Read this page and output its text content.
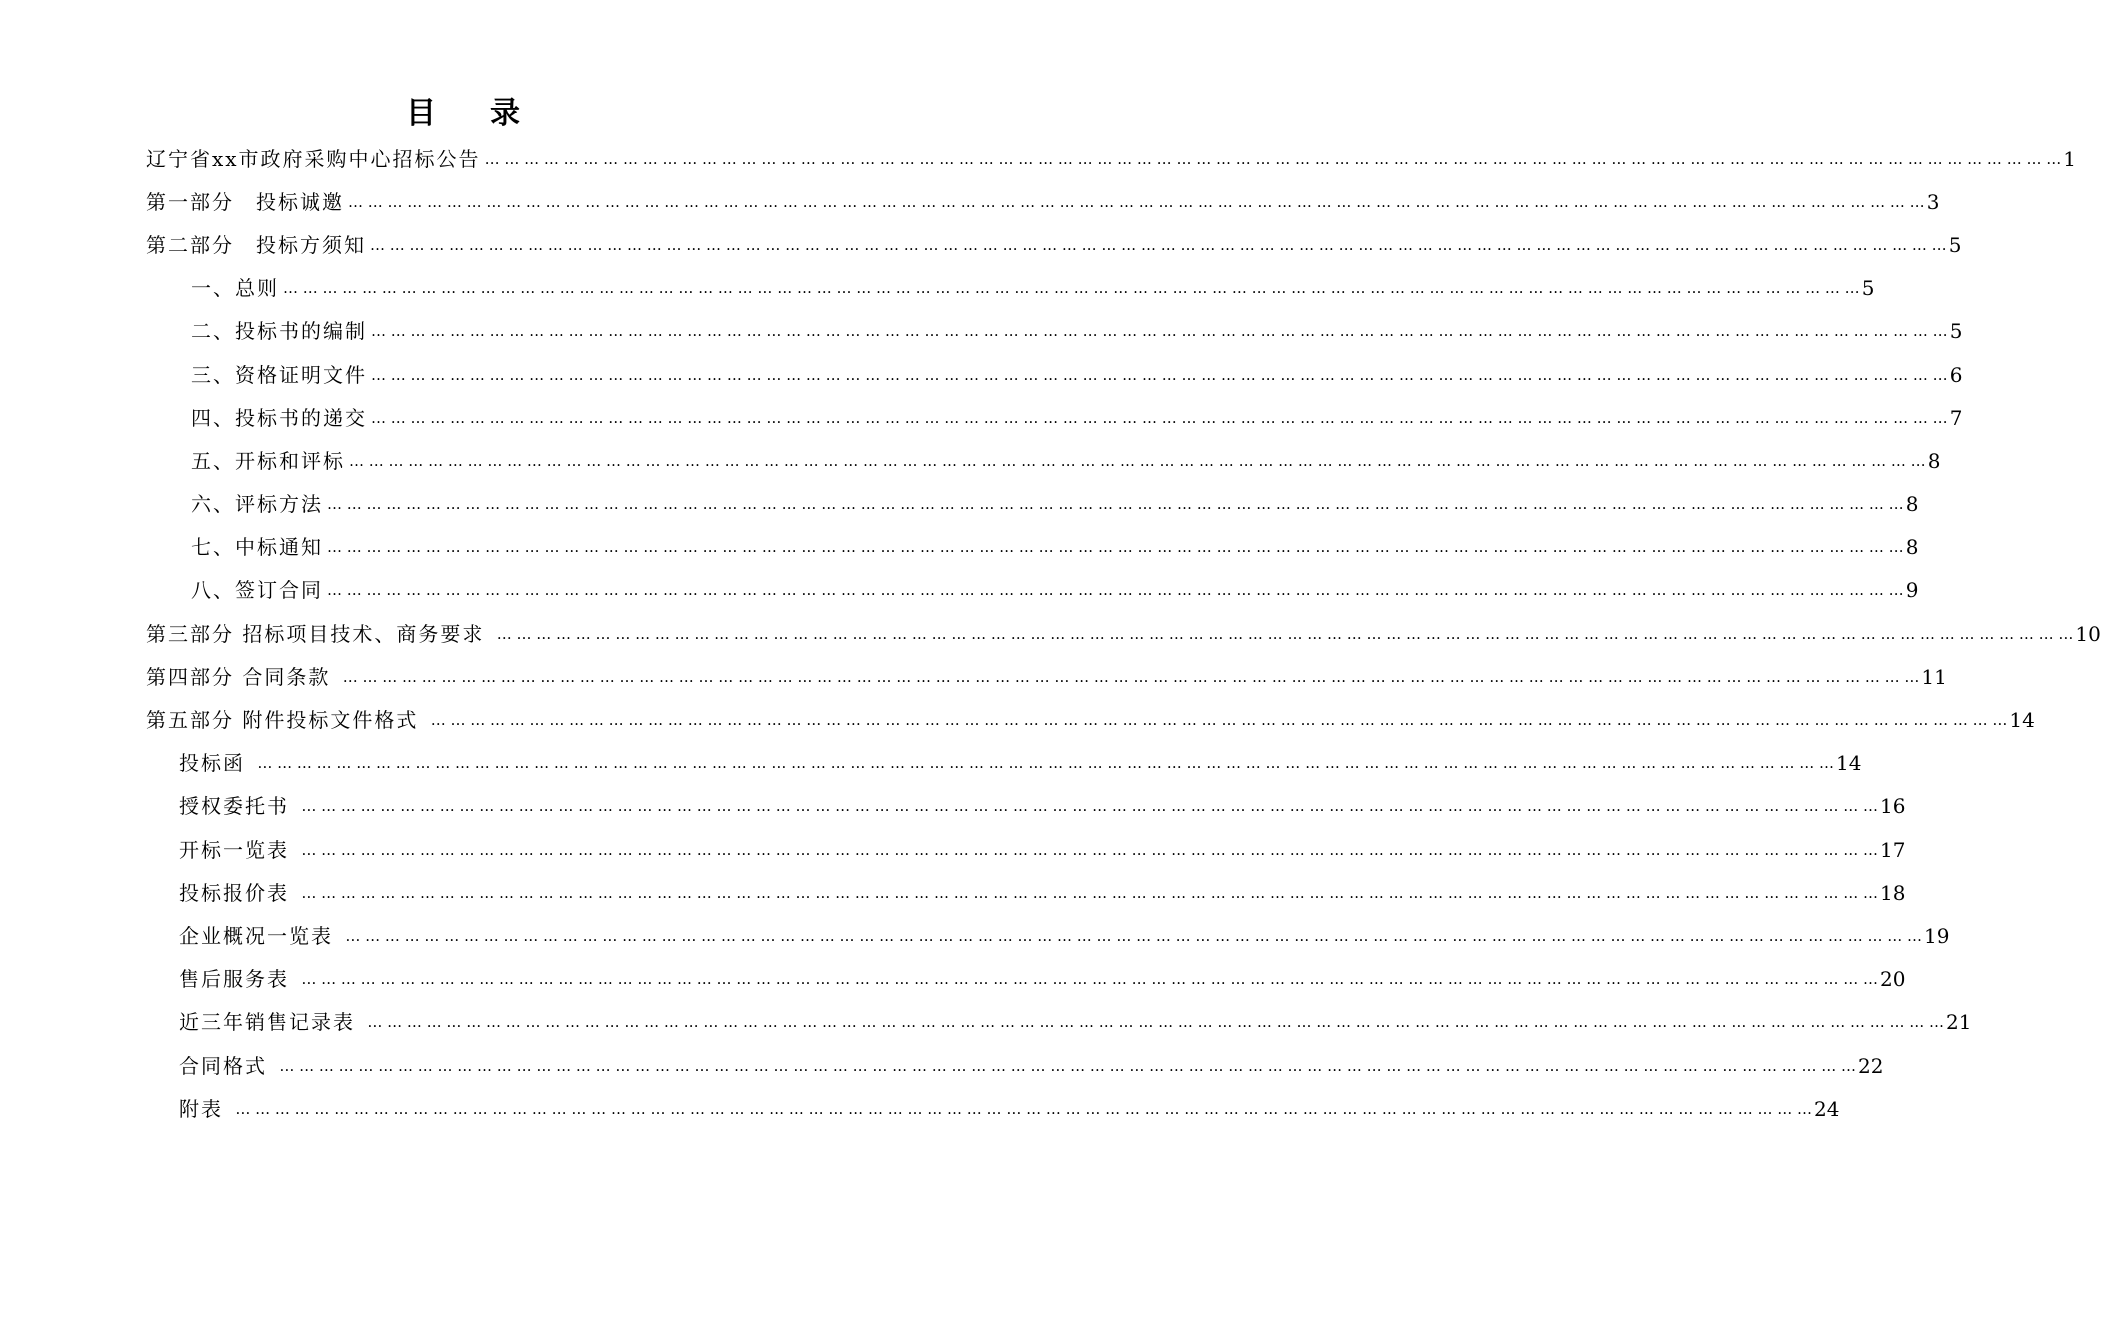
目录
辽宁省xx市政府采购中心招标公告 … … … … … … … … … … … … … … … … … … … … … … … … … … … … … … … … … … … … … … … … … … … … … … … … … … … … … … … … … … … … … … … … … … … … … … … … … … … … … … … … 1
第一部分　投标诚邀 … … … … … … … … … … … … … … … … … … … … … … … … … … … … … … … … … … … … … … … … … … … … … … … … … … … … … … … … … … … … … … … … … … … … … … … … … … … … … … … … 3
第二部分　投标方须知 … … … … … … … … … … … … … … … … … … … … … … … … … … … … … … … … … … … … … … … … … … … … … … … … … … … … … … … … … … … … … … … … … … … … … … … … … … … … … … … … 5
一、总则 … … … … … … … … … … … … … … … … … … … … … … … … … … … … … … … … … … … … … … … … … … … … … … … … … … … … … … … … … … … … … … … … … … … … … … … … … … … … … … … … 5
二、投标书的编制 … … … … … … … … … … … … … … … … … … … … … … … … … … … … … … … … … … … … … … … … … … … … … … … … … … … … … … … … … … … … … … … … … … … … … … … … … … … … … … … … 5
三、资格证明文件 … … … … … … … … … … … … … … … … … … … … … … … … … … … … … … … … … … … … … … … … … … … … … … … … … … … … … … … … … … … … … … … … … … … … … … … … … … … … … … … … 6
四、投标书的递交 … … … … … … … … … … … … … … … … … … … … … … … … … … … … … … … … … … … … … … … … … … … … … … … … … … … … … … … … … … … … … … … … … … … … … … … … … … … … … … … … 7
五、开标和评标 … … … … … … … … … … … … … … … … … … … … … … … … … … … … … … … … … … … … … … … … … … … … … … … … … … … … … … … … … … … … … … … … … … … … … … … … … … … … … … … … 8
六、评标方法 … … … … … … … … … … … … … … … … … … … … … … … … … … … … … … … … … … … … … … … … … … … … … … … … … … … … … … … … … … … … … … … … … … … … … … … … … … … … … … … … 8
七、中标通知 … … … … … … … … … … … … … … … … … … … … … … … … … … … … … … … … … … … … … … … … … … … … … … … … … … … … … … … … … … … … … … … … … … … … … … … … … … … … … … … … 8
八、签订合同 … … … … … … … … … … … … … … … … … … … … … … … … … … … … … … … … … … … … … … … … … … … … … … … … … … … … … … … … … … … … … … … … … … … … … … … … … … … … … … … … 9
第三部分 招标项目技术、商务要求 … … … … … … … … … … … … … … … … … … … … … … … … … … … … … … … … … … … … … … … … … … … … … … … … … … … … … … … … … … … … … … … … … … … … … … … … … … … … … … … … 10
第四部分 合同条款 … … … … … … … … … … … … … … … … … … … … … … … … … … … … … … … … … … … … … … … … … … … … … … … … … … … … … … … … … … … … … … … … … … … … … … … … … … … … … … … … 11
第五部分 附件投标文件格式 … … … … … … … … … … … … … … … … … … … … … … … … … … … … … … … … … … … … … … … … … … … … … … … … … … … … … … … … … … … … … … … … … … … … … … … … … … … … … … … … 14
投标函 … … … … … … … … … … … … … … … … … … … … … … … … … … … … … … … … … … … … … … … … … … … … … … … … … … … … … … … … … … … … … … … … … … … … … … … … … … … … … … … … 14
授权委托书 … … … … … … … … … … … … … … … … … … … … … … … … … … … … … … … … … … … … … … … … … … … … … … … … … … … … … … … … … … … … … … … … … … … … … … … … … … … … … … … … 16
开标一览表 … … … … … … … … … … … … … … … … … … … … … … … … … … … … … … … … … … … … … … … … … … … … … … … … … … … … … … … … … … … … … … … … … … … … … … … … … … … … … … … … 17
投标报价表 … … … … … … … … … … … … … … … … … … … … … … … … … … … … … … … … … … … … … … … … … … … … … … … … … … … … … … … … … … … … … … … … … … … … … … … … … … … … … … … … 18
企业概况一览表 … … … … … … … … … … … … … … … … … … … … … … … … … … … … … … … … … … … … … … … … … … … … … … … … … … … … … … … … … … … … … … … … … … … … … … … … … … … … … … … … 19
售后服务表 … … … … … … … … … … … … … … … … … … … … … … … … … … … … … … … … … … … … … … … … … … … … … … … … … … … … … … … … … … … … … … … … … … … … … … … … … … … … … … … … 20
近三年销售记录表 … … … … … … … … … … … … … … … … … … … … … … … … … … … … … … … … … … … … … … … … … … … … … … … … … … … … … … … … … … … … … … … … … … … … … … … … … … … … … … … … 21
合同格式 … … … … … … … … … … … … … … … … … … … … … … … … … … … … … … … … … … … … … … … … … … … … … … … … … … … … … … … … … … … … … … … … … … … … … … … … … … … … … … … … 22
附表 … … … … … … … … … … … … … … … … … … … … … … … … … … … … … … … … … … … … … … … … … … … … … … … … … … … … … … … … … … … … … … … … … … … … … … … … … … … … … … … … 24
